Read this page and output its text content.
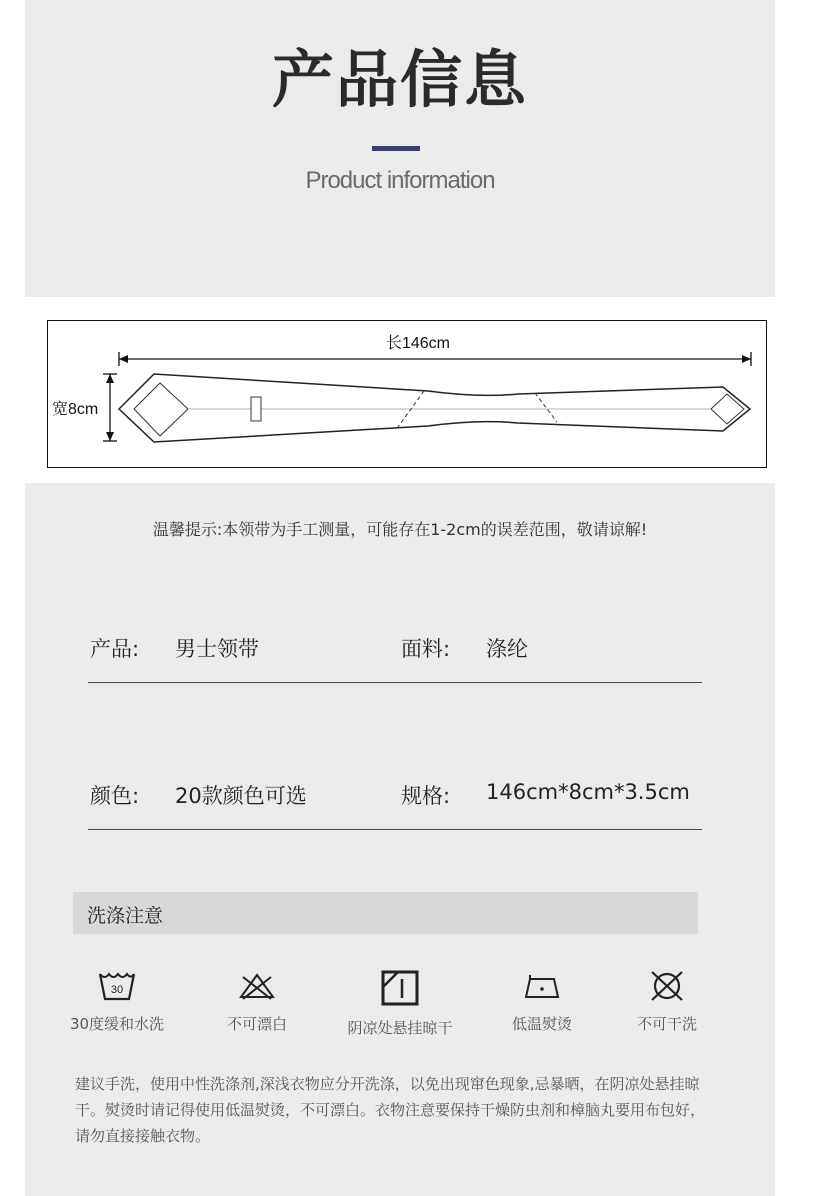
产品信息
Product information
长146cm
宽8cm
温馨提示:本领带为手工测量，可能存在1-2cm的误差范围，敬请谅解!
产品: 男士领带	面料: 涤纶
颜色: 20款颜色可选	规格: 146cm*8cm*3.5cm
洗涤注意
30
30度缓和水洗	不可漂白	阴凉处悬挂晾干	低温熨烫	不可干洗
建议手洗，使用中性洗涤剂,深浅衣物应分开洗涤，以免出现窜色现象,忌暴晒，在阴凉处悬挂晾干。熨烫时请记得使用低温熨烫，不可漂白。衣物注意要保持干燥防虫剂和樟脑丸要用布包好，请勿直接接触衣物。
